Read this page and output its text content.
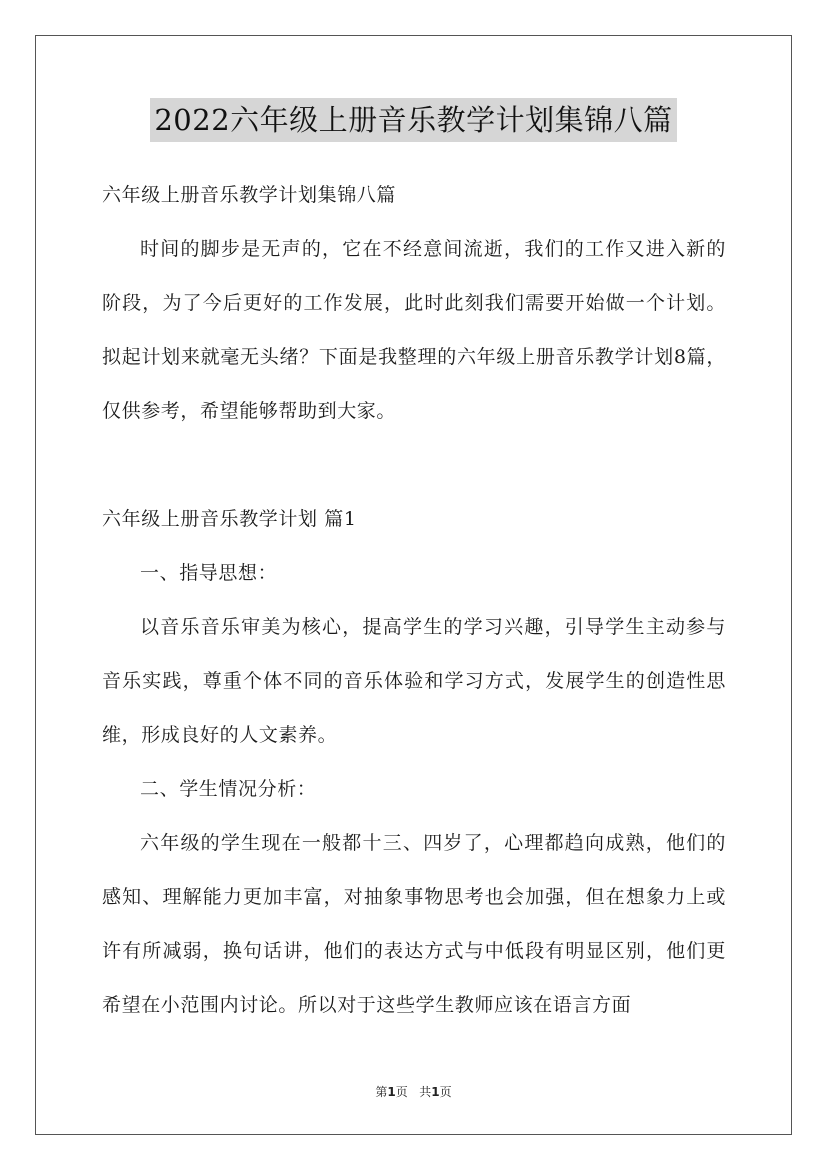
2022六年级上册音乐教学计划集锦八篇

六年级上册音乐教学计划集锦八篇

时间的脚步是无声的，它在不经意间流逝，我们的工作又进入新的阶段，为了今后更好的工作发展，此时此刻我们需要开始做一个计划。拟起计划来就毫无头绪？下面是我整理的六年级上册音乐教学计划8篇，仅供参考，希望能够帮助到大家。

六年级上册音乐教学计划 篇1

一、指导思想：

以音乐音乐审美为核心，提高学生的学习兴趣，引导学生主动参与音乐实践，尊重个体不同的音乐体验和学习方式，发展学生的创造性思维，形成良好的人文素养。

二、学生情况分析：

六年级的学生现在一般都十三、四岁了，心理都趋向成熟，他们的感知、理解能力更加丰富，对抽象事物思考也会加强，但在想象力上或许有所减弱，换句话讲，他们的表达方式与中低段有明显区别，他们更希望在小范围内讨论。所以对于这些学生教师应该在语言方面

第1页 共1页
